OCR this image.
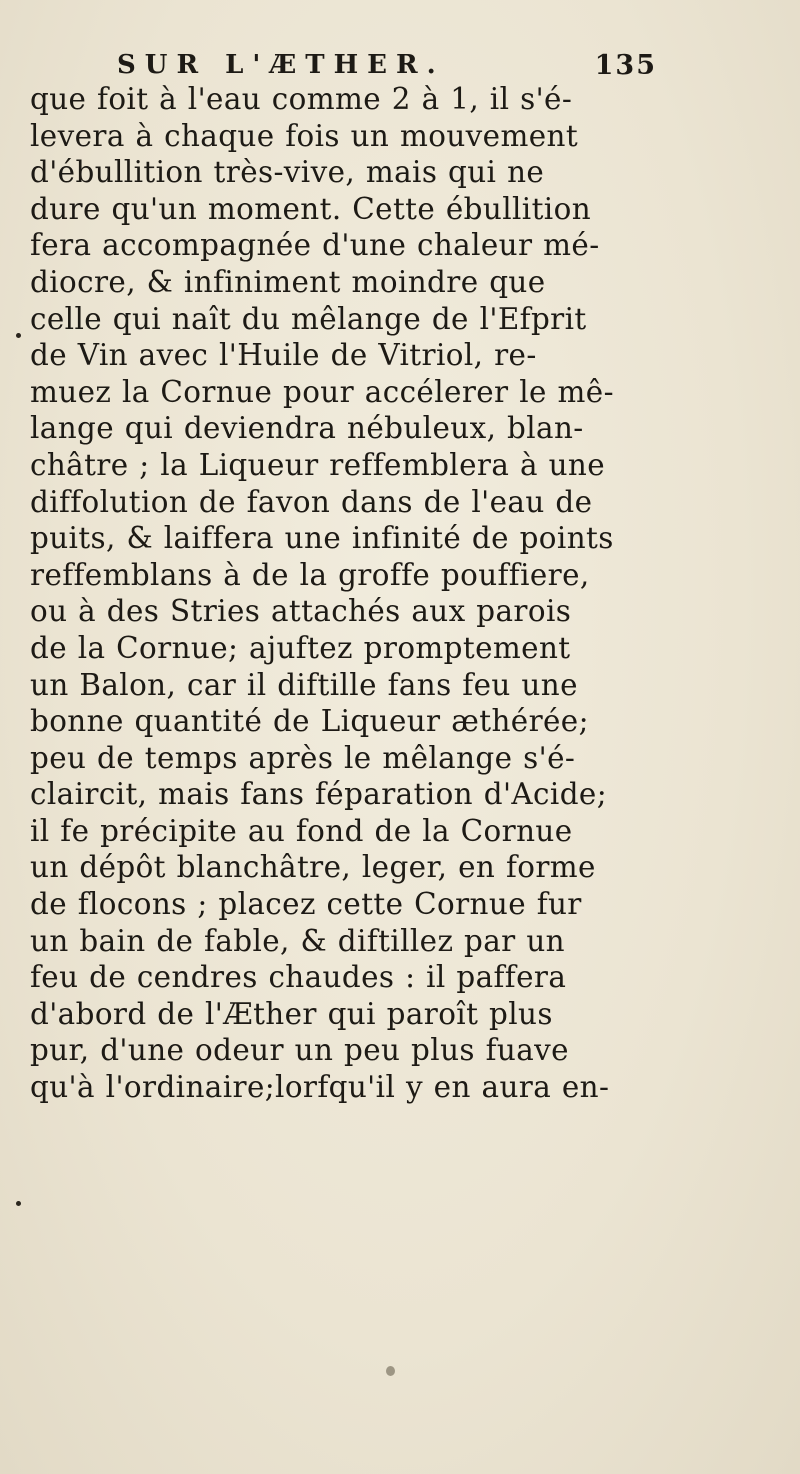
SUR L'ÆTHER.	135
que foit à l'eau comme 2 à 1, il s'é-
levera à chaque fois un mouvement
d'ébullition très-vive, mais qui ne
dure qu'un moment. Cette ébullition
fera accompagnée d'une chaleur mé-
diocre, & infiniment moindre que
celle qui naît du mêlange de l'Efprit
de Vin avec l'Huile de Vitriol, re-
muez la Cornue pour accélerer le mê-
lange qui deviendra nébuleux, blan-
châtre ; la Liqueur reffemblera à une
diffolution de favon dans de l'eau de
puits, & laiffera une infinité de points
reffemblans à de la groffe pouffiere,
ou à des Stries attachés aux parois
de la Cornue; ajuftez promptement
un Balon, car il diftille fans feu une
bonne quantité de Liqueur æthérée;
peu de temps après le mêlange s'é-
claircit, mais fans féparation d'Acide;
il fe précipite au fond de la Cornue
un dépôt blanchâtre, leger, en forme
de flocons ; placez cette Cornue fur
un bain de fable, & diftillez par un
feu de cendres chaudes : il paffera
d'abord de l'Æther qui paroît plus
pur, d'une odeur un peu plus fuave
qu'à l'ordinaire;lorfqu'il y en aura en-
